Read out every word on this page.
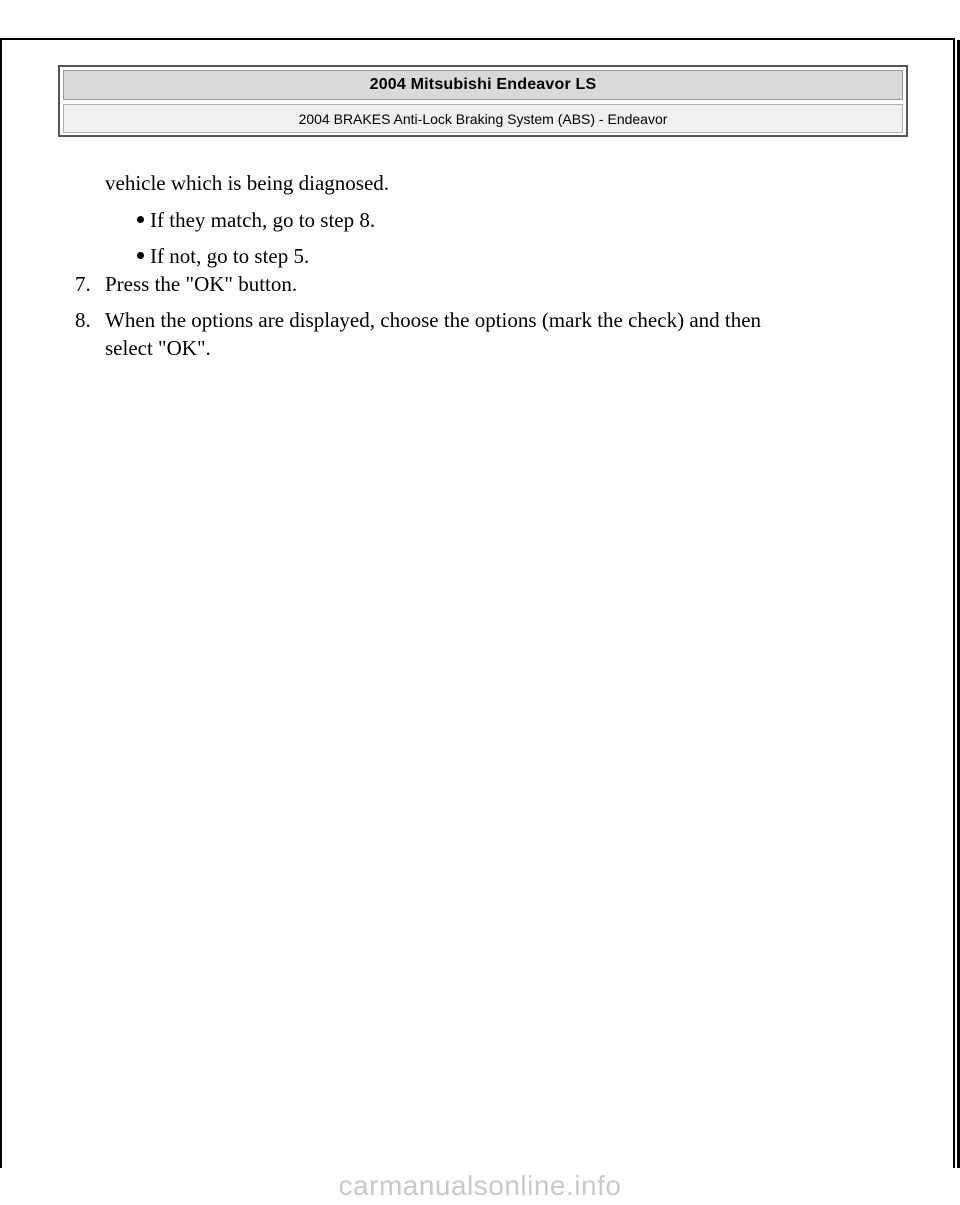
2004 Mitsubishi Endeavor LS
2004 BRAKES Anti-Lock Braking System (ABS) - Endeavor
vehicle which is being diagnosed.
If they match, go to step 8.
If not, go to step 5.
7. Press the "OK" button.
8. When the options are displayed, choose the options (mark the check) and then
select "OK".
carmanualsonline.info
